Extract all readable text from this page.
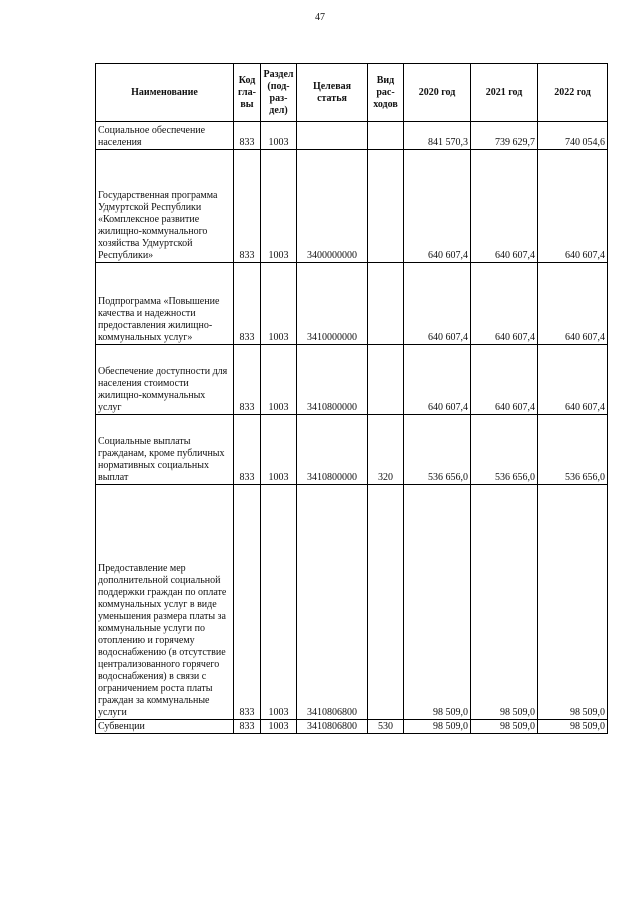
47
Наименование	Код гла-вы	Раздел (под-раз-дел)	Целевая статья	Вид рас-ходов	2020 год	2021 год	2022 год
Социальное обеспечение населения	833	1003			841 570,3	739 629,7	740 054,6
Государственная программа Удмуртской Республики «Комплексное развитие жилищно-коммунального хозяйства Удмуртской Республики»	833	1003	3400000000		640 607,4	640 607,4	640 607,4
Подпрограмма «Повышение качества и надежности предоставления жилищно-коммунальных услуг»	833	1003	3410000000		640 607,4	640 607,4	640 607,4
Обеспечение доступности для населения стоимости жилищно-коммунальных услуг	833	1003	3410800000		640 607,4	640 607,4	640 607,4
Социальные выплаты гражданам, кроме публичных нормативных социальных выплат	833	1003	3410800000	320	536 656,0	536 656,0	536 656,0
Предоставление мер дополнительной социальной поддержки граждан по оплате коммунальных услуг в виде уменьшения размера платы за коммунальные услуги по отоплению и горячему водоснабжению (в отсутствие централизованного горячего водоснабжения) в связи с ограничением роста платы граждан за коммунальные услуги	833	1003	3410806800		98 509,0	98 509,0	98 509,0
Субвенции	833	1003	3410806800	530	98 509,0	98 509,0	98 509,0
